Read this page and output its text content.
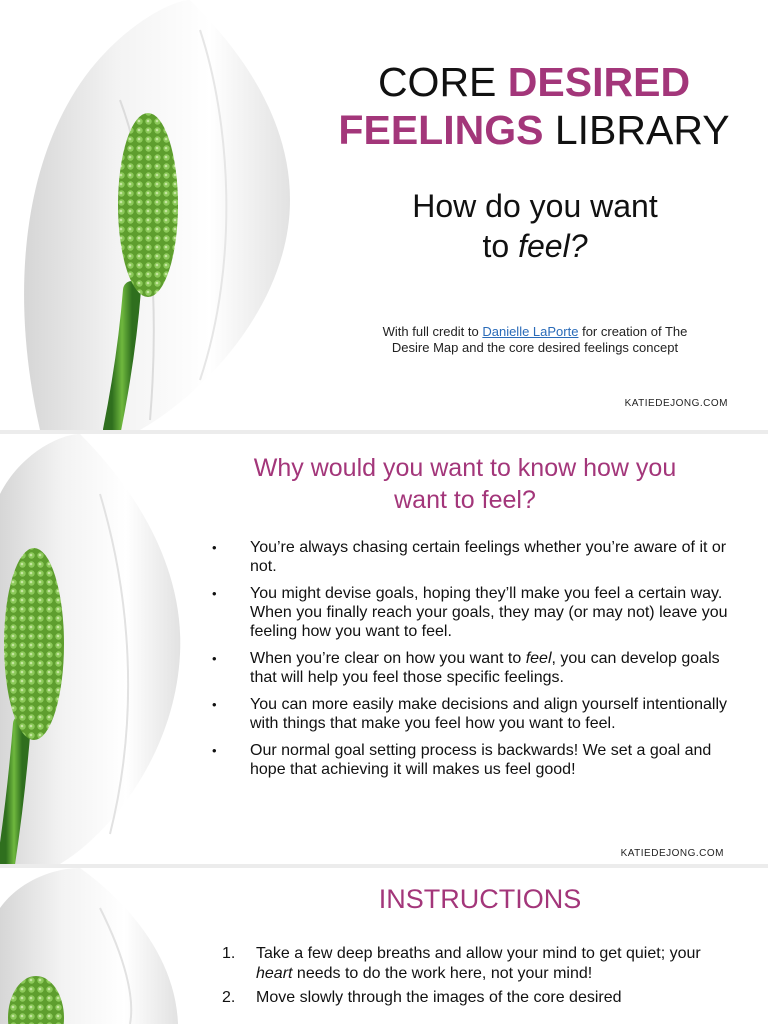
CORE DESIRED
FEELINGS LIBRARY
How do you want
to feel?
With full credit to Danielle LaPorte for creation of The Desire Map and the core desired feelings concept
KATIEDEJONG.COM
Why would you want to know how you want to feel?
• You’re always chasing certain feelings whether you’re aware of it or not.
• You might devise goals, hoping they’ll make you feel a certain way. When you finally reach your goals, they may (or may not) leave you feeling how you want to feel.
• When you’re clear on how you want to feel, you can develop goals that will help you feel those specific feelings.
• You can more easily make decisions and align yourself intentionally with things that make you feel how you want to feel.
• Our normal goal setting process is backwards! We set a goal and hope that achieving it will makes us feel good!
KATIEDEJONG.COM
INSTRUCTIONS
1. Take a few deep breaths and allow your mind to get quiet; your heart needs to do the work here, not your mind!
2. Move slowly through the images of the core desired
